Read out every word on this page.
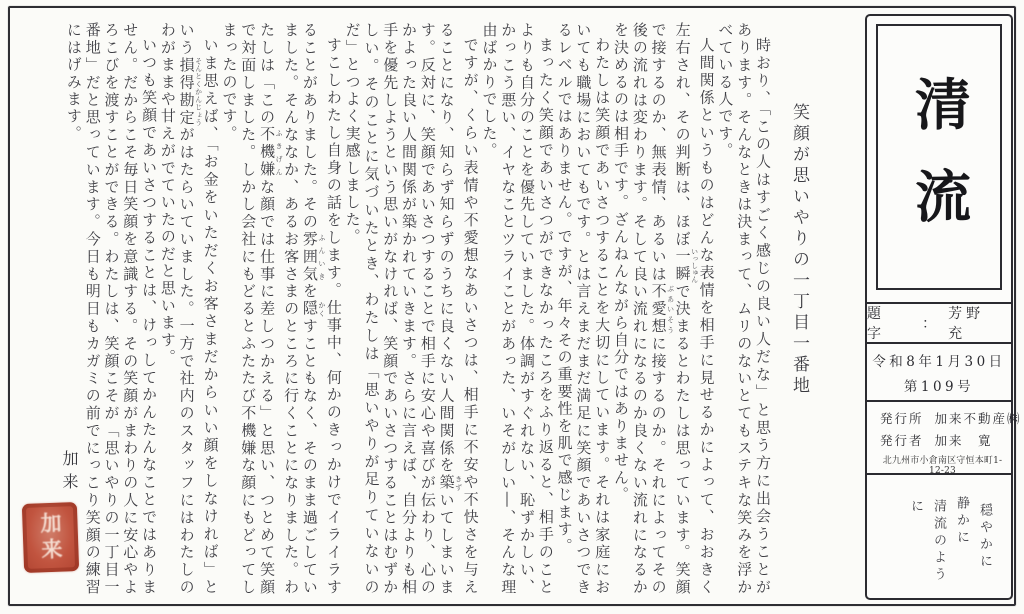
笑顔が思いやりの一丁目一番地

時おり、「この人はすごく感じの良い人だな」と思う方に出会うことがあります。そんなときは決まって、ムリのないとてもステキな笑みを浮かべている人です。

人間関係というものはどんな表情を相手に見せるかによって、おおきく左右され、その判断は、ほぼ一瞬 いっしゅんで決まるとわたしは思っています。笑顔で接するのか、無表情、あるいは不愛想 ぶあいそうに接するのか。それによってその後の流れは変わります。そして良い流れになるのか良くない流れになるかを決めるのは相手です。ざんねんながら自分ではありません。

わたしは笑顔であいさつすることを大切にしています。それは家庭においても職場においてもです。とは言えまだまだ満足に笑顔であいさつできるレベルではありません。ですが、年々その重要性を肌で感じます。

まったく笑顔であいさつができなかったころをふり返ると、相手のことよりも自分のことを優先していました。体調がすぐれない、恥ずかしい、かっこう悪い、イヤなことツライことがあった、いそがしい―、そんな理由ばかりでした。

ですが、くらい表情や不愛想なあいさつは、相手に不安や不快さを与えることになり、知らず知らずのうちに良くない人間関係を築 きずいてしまいます。反対に、笑顔であいさつすることで相手に安心や喜びが伝わり、心のかよった良い人間関係が築かれていきます。さらに言えば、自分よりも相手を優先しようという思いがなければ、笑顔であいさつすることはむずかしい。そのことに気づいたとき、わたしは「思いやりが足りていないのだ」とつよく実感しました。

すこしわたし自身の話をします。仕事中、何かのきっかけでイライラすることがありました。その雰囲気 ふんいきを隠 かくすこともなく、そのまま過ごしていました。そんななか、あるお客さまのところに行くことになりました。わたしは「この不機嫌 ふきげんな顔では仕事に差しつかえる」と思い、つとめて笑顔で対面しました。しかし会社にもどるとふたたび不機嫌な顔にもどってしまったのです。

いま思えば、「お金をいただくお客さまだからいい顔をしなければ」という損得勘定 そんとくかんじょうがはたらいていました。一方で社内のスタッフにはわたしのわがままや甘えがでていたのだと思います。

いつも笑顔であいさつすることは、けっしてかんたんなことではありません。だからこそ毎日笑顔を意識する。その笑顔がまわりの人に安心やよろこびを渡すことができる。わたしは、笑顔こそが「思いやりの一丁目一番地」だと思っています。今日も明日もカガミの前でにっこり笑顔の練習にはげみます。

加来
加来
清流
題　字
：
芳野　充
令和8年1月30日
第109号
発行所 加来不動産㈱
発行者 加来　寛
北九州市小倉南区守恒本町1-12-23
穏やかに
静かに
清流のように
